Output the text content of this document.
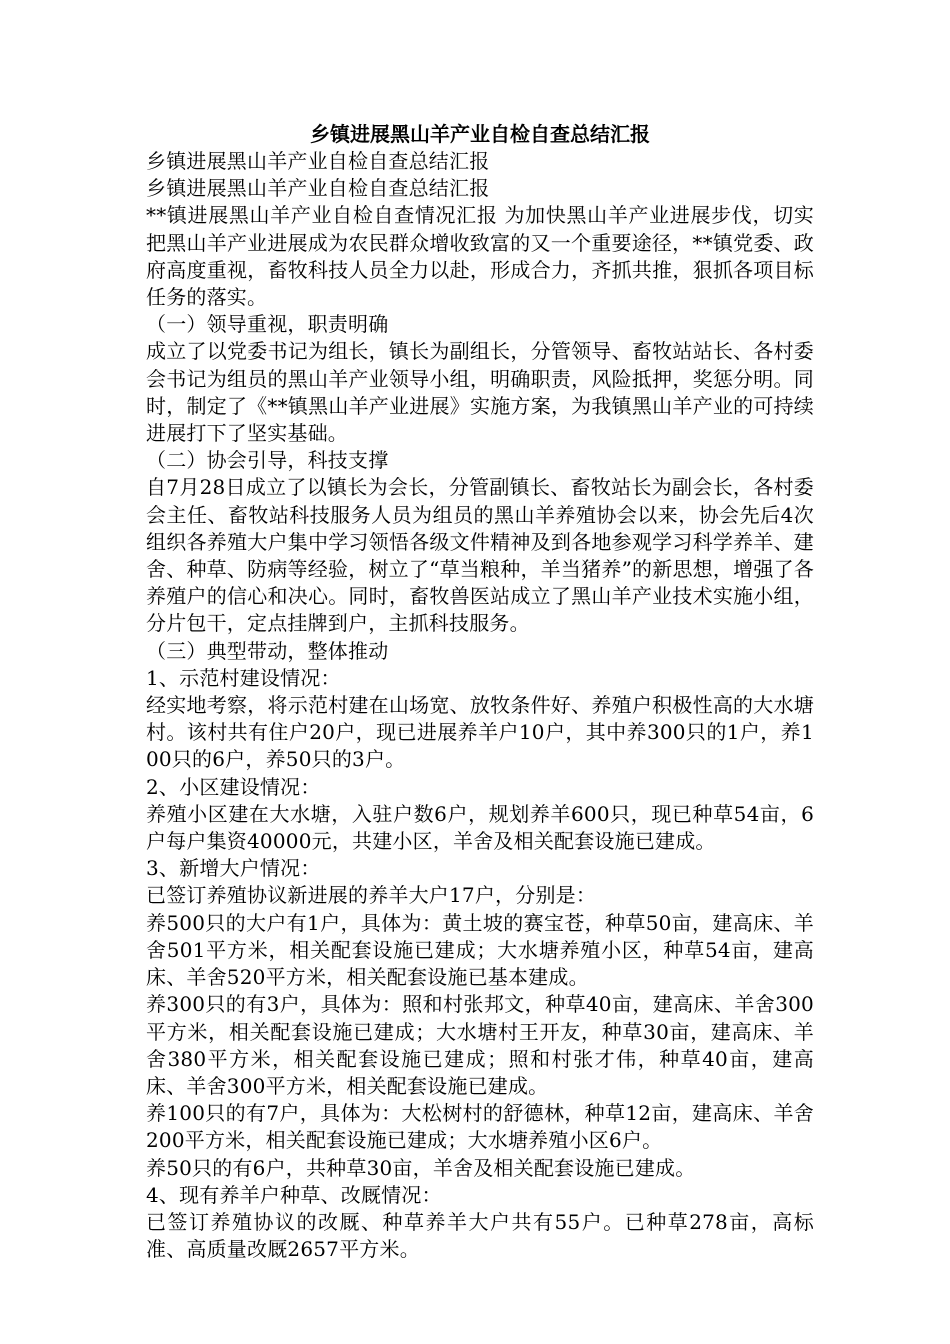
乡镇进展黑山羊产业自检自查总结汇报

乡镇进展黑山羊产业自检自查总结汇报

乡镇进展黑山羊产业自检自查总结汇报

**镇进展黑山羊产业自检自查情况汇报 为加快黑山羊产业进展步伐，切实把黑山羊产业进展成为农民群众增收致富的又一个重要途径，**镇党委、政府高度重视，畜牧科技人员全力以赴，形成合力，齐抓共推，狠抓各项目标任务的落实。

（一）领导重视，职责明确

成立了以党委书记为组长，镇长为副组长，分管领导、畜牧站站长、各村委会书记为组员的黑山羊产业领导小组，明确职责，风险抵押，奖惩分明。同时，制定了《**镇黑山羊产业进展》实施方案，为我镇黑山羊产业的可持续进展打下了坚实基础。

（二）协会引导，科技支撑

自7月28日成立了以镇长为会长，分管副镇长、畜牧站长为副会长，各村委会主任、畜牧站科技服务人员为组员的黑山羊养殖协会以来，协会先后4次组织各养殖大户集中学习领悟各级文件精神及到各地参观学习科学养羊、建舍、种草、防病等经验，树立了“草当粮种，羊当猪养”的新思想，增强了各养殖户的信心和决心。同时，畜牧兽医站成立了黑山羊产业技术实施小组，分片包干，定点挂牌到户，主抓科技服务。

（三）典型带动，整体推动

1、示范村建设情况：

经实地考察，将示范村建在山场宽、放牧条件好、养殖户积极性高的大水塘村。该村共有住户20户，现已进展养羊户10户，其中养300只的1户，养100只的6户，养50只的3户。

2、小区建设情况：

养殖小区建在大水塘，入驻户数6户，规划养羊600只，现已种草54亩，6户每户集资40000元，共建小区，羊舍及相关配套设施已建成。

3、新增大户情况：

已签订养殖协议新进展的养羊大户17户，分别是：

养500只的大户有1户，具体为：黄土坡的赛宝苍，种草50亩，建高床、羊舍501平方米，相关配套设施已建成；大水塘养殖小区，种草54亩，建高床、羊舍520平方米，相关配套设施已基本建成。

养300只的有3户，具体为：照和村张邦文，种草40亩，建高床、羊舍300平方米，相关配套设施已建成；大水塘村王开友，种草30亩，建高床、羊舍380平方米，相关配套设施已建成；照和村张才伟，种草40亩，建高床、羊舍300平方米，相关配套设施已建成。

养100只的有7户，具体为：大松树村的舒德林，种草12亩，建高床、羊舍200平方米，相关配套设施已建成；大水塘养殖小区6户。

养50只的有6户，共种草30亩，羊舍及相关配套设施已建成。

4、现有养羊户种草、改厩情况：

已签订养殖协议的改厩、种草养羊大户共有55户。已种草278亩，高标准、高质量改厩2657平方米。
